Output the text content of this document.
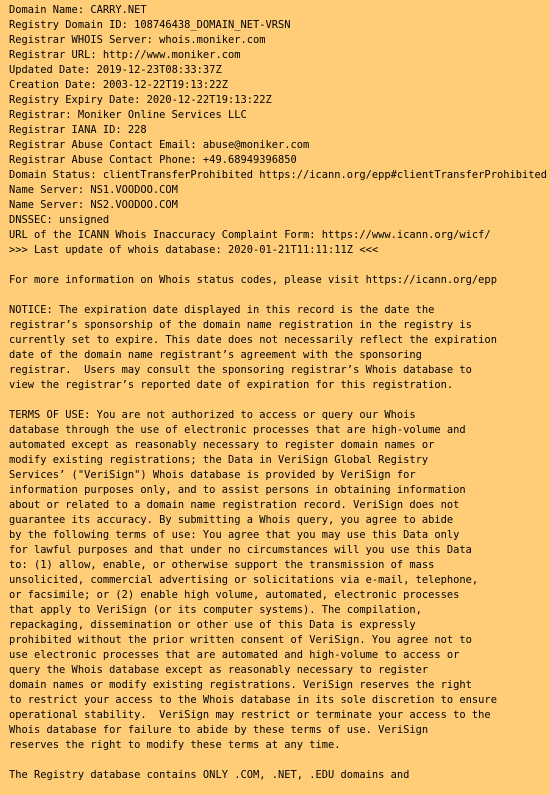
Domain Name: CARRY.NET
Registry Domain ID: 108746438_DOMAIN_NET-VRSN
Registrar WHOIS Server: whois.moniker.com
Registrar URL: http://www.moniker.com
Updated Date: 2019-12-23T08:33:37Z
Creation Date: 2003-12-22T19:13:22Z
Registry Expiry Date: 2020-12-22T19:13:22Z
Registrar: Moniker Online Services LLC
Registrar IANA ID: 228
Registrar Abuse Contact Email: abuse@moniker.com
Registrar Abuse Contact Phone: +49.68949396850
Domain Status: clientTransferProhibited https://icann.org/epp#clientTransferProhibited
Name Server: NS1.VOODOO.COM
Name Server: NS2.VOODOO.COM
DNSSEC: unsigned
URL of the ICANN Whois Inaccuracy Complaint Form: https://www.icann.org/wicf/
>>> Last update of whois database: 2020-01-21T11:11:11Z <<<

For more information on Whois status codes, please visit https://icann.org/epp

NOTICE: The expiration date displayed in this record is the date the
registrar’s sponsorship of the domain name registration in the registry is
currently set to expire. This date does not necessarily reflect the expiration
date of the domain name registrant’s agreement with the sponsoring
registrar.  Users may consult the sponsoring registrar’s Whois database to
view the registrar’s reported date of expiration for this registration.

TERMS OF USE: You are not authorized to access or query our Whois
database through the use of electronic processes that are high-volume and
automated except as reasonably necessary to register domain names or
modify existing registrations; the Data in VeriSign Global Registry
Services’ ("VeriSign") Whois database is provided by VeriSign for
information purposes only, and to assist persons in obtaining information
about or related to a domain name registration record. VeriSign does not
guarantee its accuracy. By submitting a Whois query, you agree to abide
by the following terms of use: You agree that you may use this Data only
for lawful purposes and that under no circumstances will you use this Data
to: (1) allow, enable, or otherwise support the transmission of mass
unsolicited, commercial advertising or solicitations via e-mail, telephone,
or facsimile; or (2) enable high volume, automated, electronic processes
that apply to VeriSign (or its computer systems). The compilation,
repackaging, dissemination or other use of this Data is expressly
prohibited without the prior written consent of VeriSign. You agree not to
use electronic processes that are automated and high-volume to access or
query the Whois database except as reasonably necessary to register
domain names or modify existing registrations. VeriSign reserves the right
to restrict your access to the Whois database in its sole discretion to ensure
operational stability.  VeriSign may restrict or terminate your access to the
Whois database for failure to abide by these terms of use. VeriSign
reserves the right to modify these terms at any time.

The Registry database contains ONLY .COM, .NET, .EDU domains and
